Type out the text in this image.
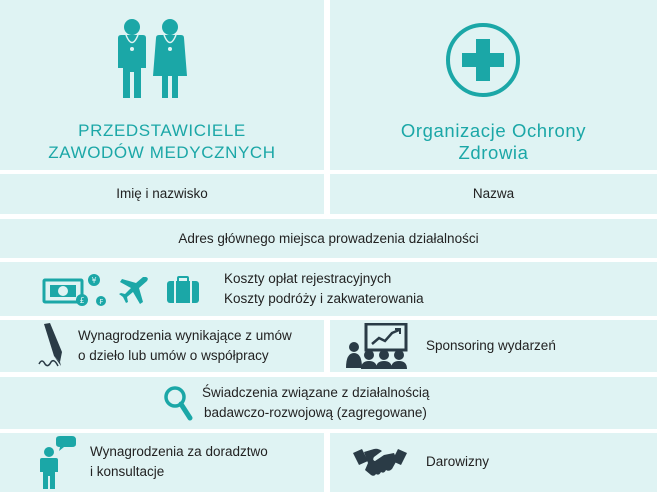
PRZEDSTAWICIELE
ZAWODÓW MEDYCZNYCH
Organizacje Ochrony
Zdrowia
Imię i nazwisko	Nazwa
Adres głównego miejsca prowadzenia działalności
¥
£ ₣
Koszty opłat rejestracyjnych
Koszty podróży i zakwaterowania
Wynagrodzenia wynikające z umów
o dzieło lub umów o współpracy
Sponsoring wydarzeń
Świadczenia związane z działalnością
badawczo-rozwojową (zagregowane)
Wynagrodzenia za doradztwo
i konsultacje
Darowizny
